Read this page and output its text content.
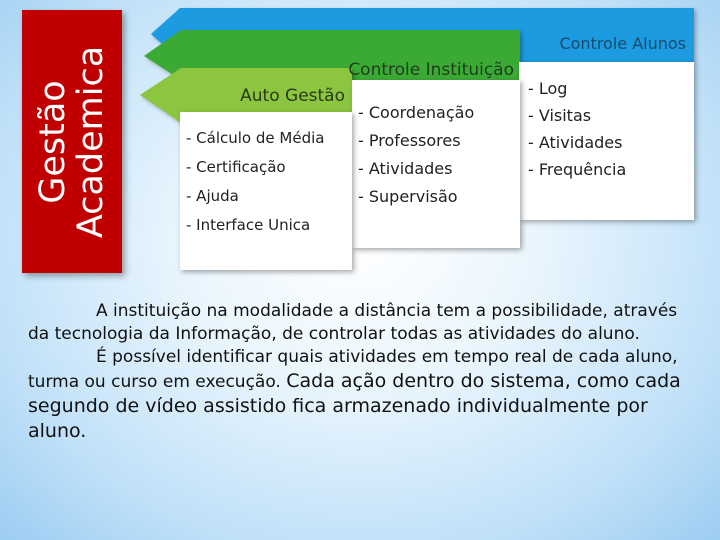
Gestão
Academica
Controle Alunos
Controle Instituição
Auto Gestão	- Log
- Visitas
- Atividades
- Frequência
- Coordenação
- Professores
- Atividades
- Supervisão
- Cálculo de Média
- Certificação
- Ajuda
- Interface Unica

A instituição na modalidade a distância tem a possibilidade, através da tecnologia da Informação, de controlar todas as atividades do aluno.

É possível identificar quais atividades em tempo real de cada aluno, turma ou curso em execução. Cada ação dentro do sistema, como cada segundo de vídeo assistido fica armazenado individualmente por aluno.
